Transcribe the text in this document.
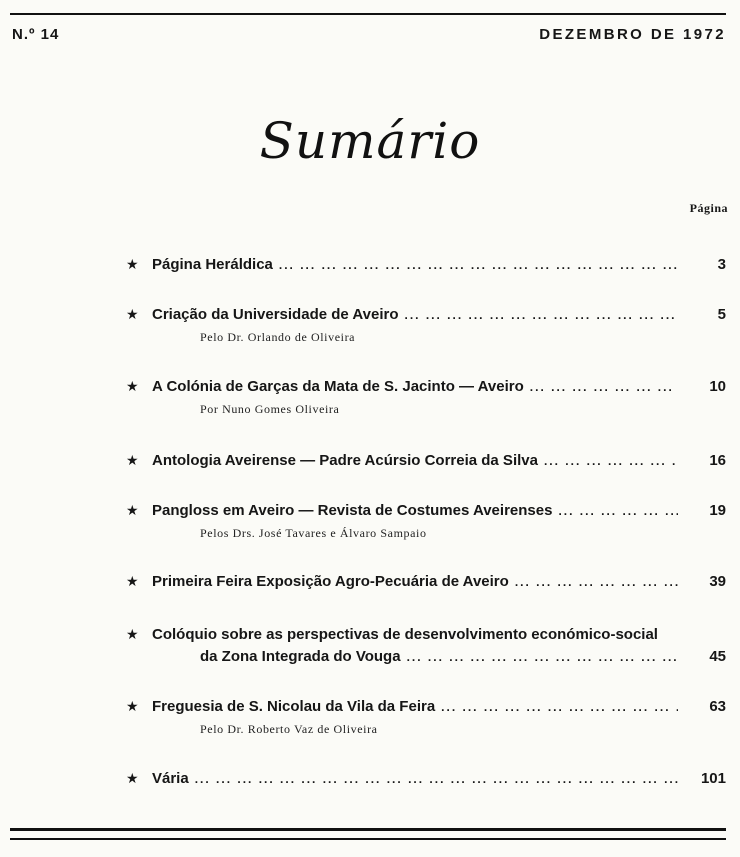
N.º 14	DEZEMBRO DE 1972
Sumário
Página
★ Página Heráldica ... .	3
★ Criação da Universidade de Aveiro ... .	5
Pelo Dr. Orlando de Oliveira
★ A Colónia de Garças da Mata de S. Jacinto — Aveiro ... .	10
Por Nuno Gomes Oliveira
★ Antologia Aveirense — Padre Acúrsio Correia da Silva ... .	16
★ Pangloss em Aveiro — Revista de Costumes Aveirenses ... .	19
Pelos Drs. José Tavares e Álvaro Sampaio
★ Primeira Feira Exposição Agro-Pecuária de Aveiro ... .	39
★ Colóquio sobre as perspectivas de desenvolvimento económico-social
da Zona Integrada do Vouga ... .	45
★ Freguesia de S. Nicolau da Vila da Feira ... .	63
Pelo Dr. Roberto Vaz de Oliveira
★ Vária ... .	101
